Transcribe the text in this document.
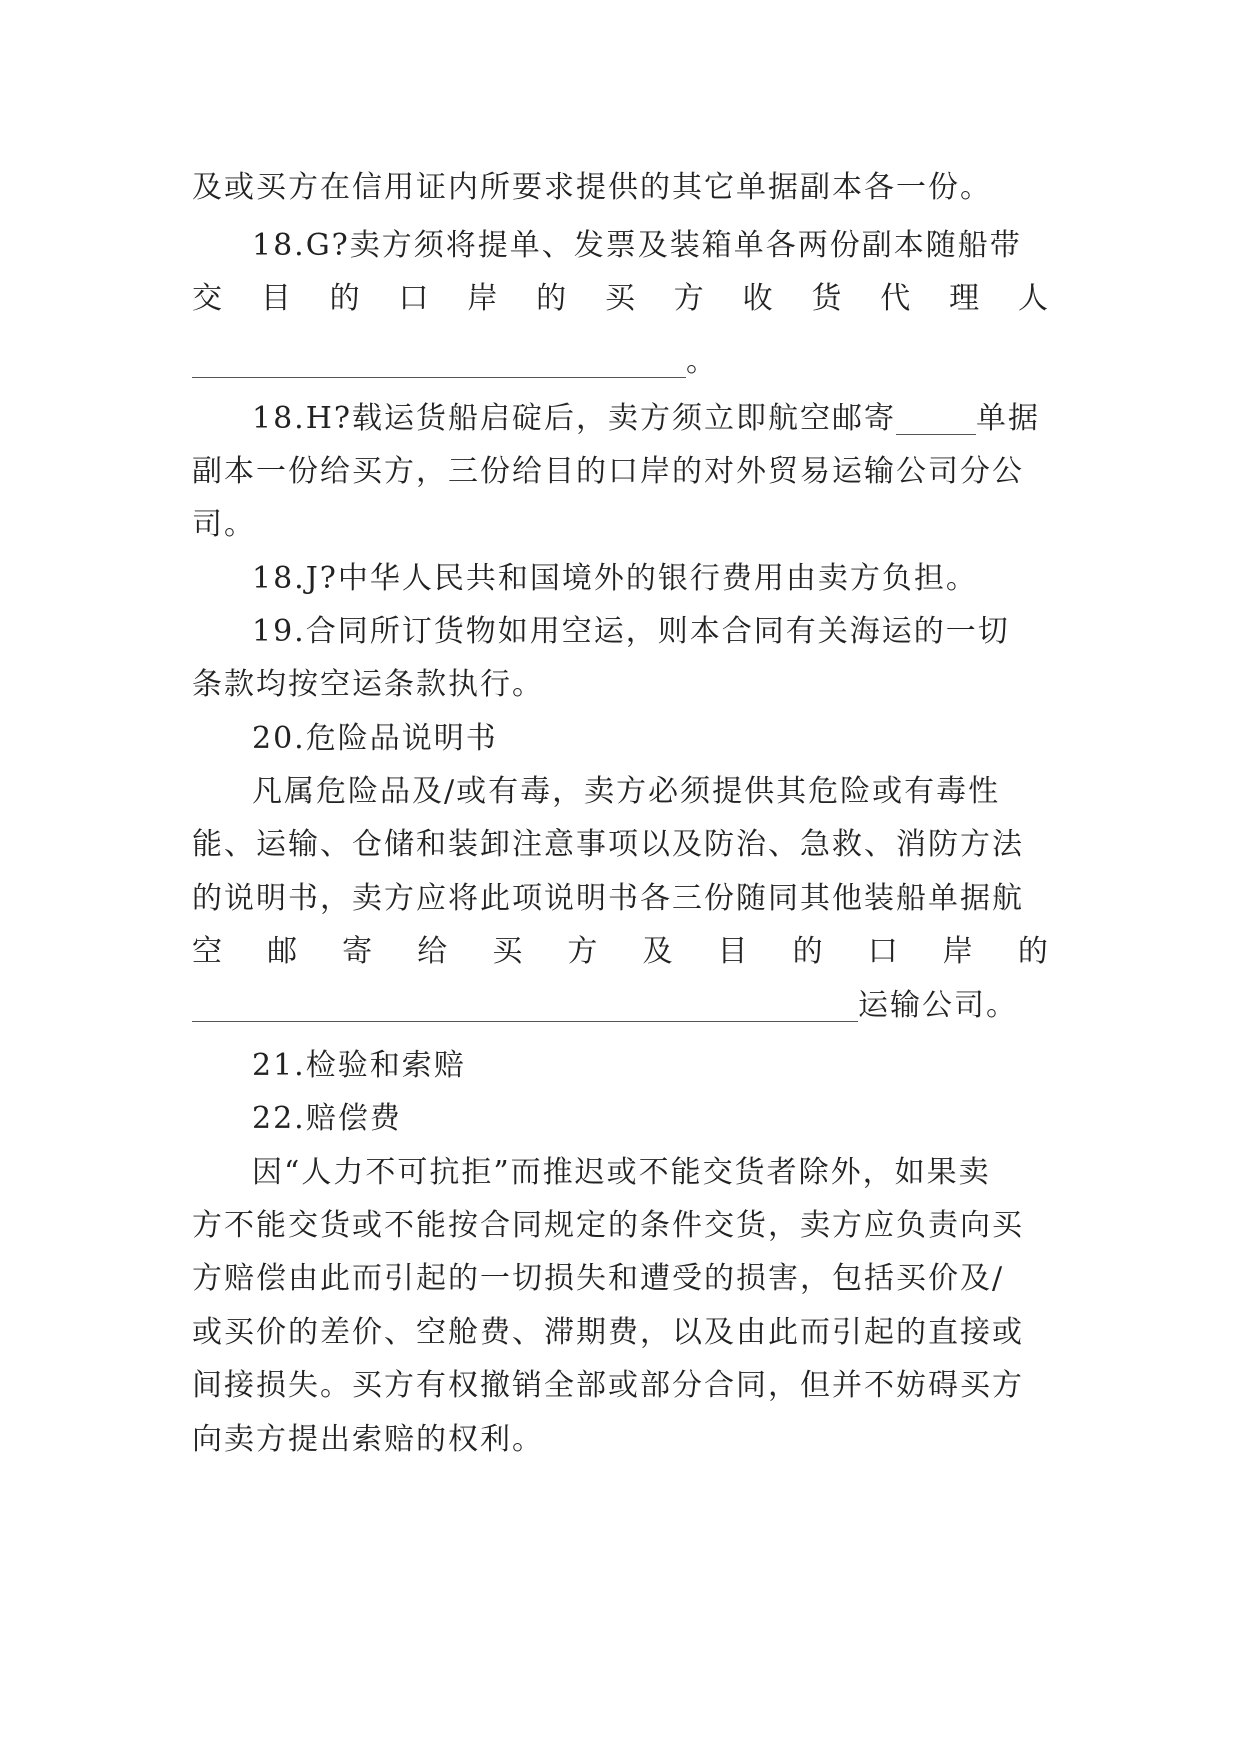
及或买方在信用证内所要求提供的其它单据副本各一份。
18.G?卖方须将提单、发票及装箱单各两份副本随船带
交 目 的 口 岸 的 买 方 收 货 代 理 人
。
18.H?载运货船启碇后，卖方须立即航空邮寄	单据
副本一份给买方，三份给目的口岸的对外贸易运输公司分公
司。
18.J?中华人民共和国境外的银行费用由卖方负担。
19.合同所订货物如用空运，则本合同有关海运的一切
条款均按空运条款执行。
20.危险品说明书
凡属危险品及/或有毒，卖方必须提供其危险或有毒性
能、运输、仓储和装卸注意事项以及防治、急救、消防方法
的说明书，卖方应将此项说明书各三份随同其他装船单据航
空 邮 寄 给 买 方 及 目 的 口 岸 的
运输公司。
21.检验和索赔
22.赔偿费
因“人力不可抗拒”而推迟或不能交货者除外，如果卖
方不能交货或不能按合同规定的条件交货，卖方应负责向买
方赔偿由此而引起的一切损失和遭受的损害，包括买价及/
或买价的差价、空舱费、滞期费，以及由此而引起的直接或
间接损失。买方有权撤销全部或部分合同，但并不妨碍买方
向卖方提出索赔的权利。
